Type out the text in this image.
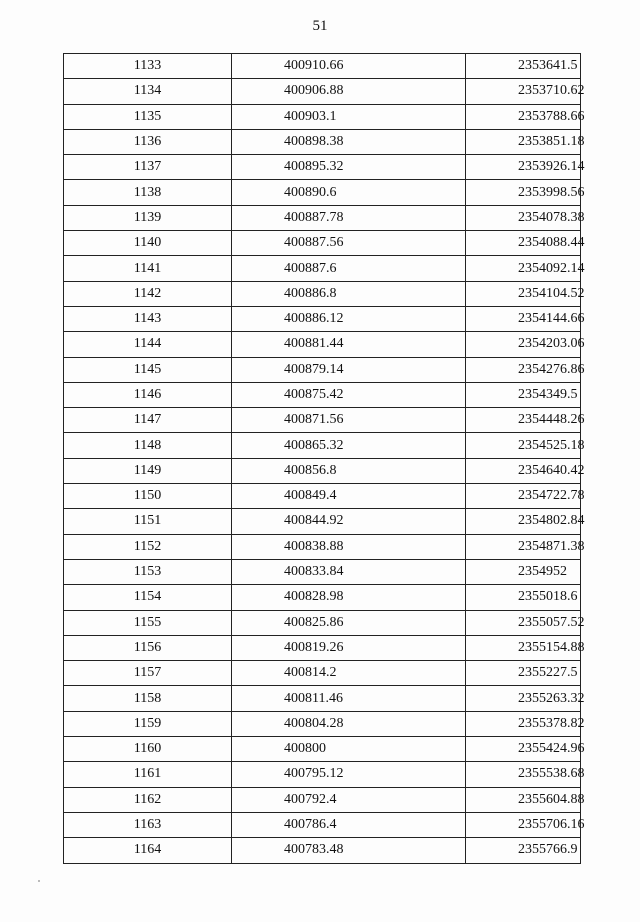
51
1133	400910.66	2353641.5
1134	400906.88	2353710.62
1135	400903.1	2353788.66
1136	400898.38	2353851.18
1137	400895.32	2353926.14
1138	400890.6	2353998.56
1139	400887.78	2354078.38
1140	400887.56	2354088.44
1141	400887.6	2354092.14
1142	400886.8	2354104.52
1143	400886.12	2354144.66
1144	400881.44	2354203.06
1145	400879.14	2354276.86
1146	400875.42	2354349.5
1147	400871.56	2354448.26
1148	400865.32	2354525.18
1149	400856.8	2354640.42
1150	400849.4	2354722.78
1151	400844.92	2354802.84
1152	400838.88	2354871.38
1153	400833.84	2354952
1154	400828.98	2355018.6
1155	400825.86	2355057.52
1156	400819.26	2355154.88
1157	400814.2	2355227.5
1158	400811.46	2355263.32
1159	400804.28	2355378.82
1160	400800	2355424.96
1161	400795.12	2355538.68
1162	400792.4	2355604.88
1163	400786.4	2355706.16
1164	400783.48	2355766.9
